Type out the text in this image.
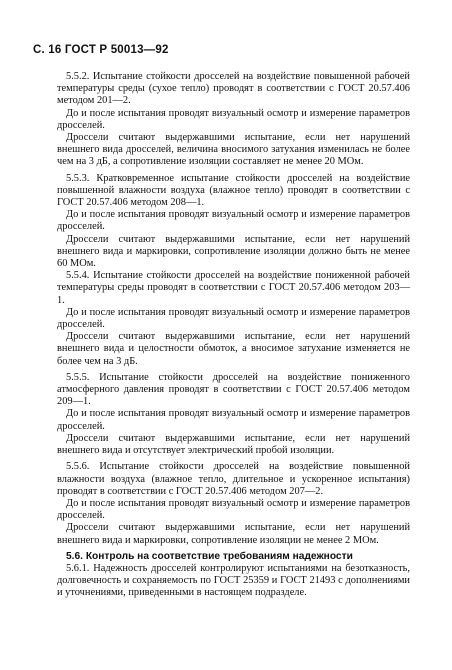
С. 16 ГОСТ Р 50013—92

5.5.2. Испытание стойкости дросселей на воздействие повышенной рабочей температуры среды (сухое тепло) проводят в соответствии с ГОСТ 20.57.406 методом 201—2.

До и после испытания проводят визуальный осмотр и измерение параметров дросселей.

Дроссели считают выдержавшими испытание, если нет нарушений внешнего вида дросселей, величина вносимого затухания изменилась не более чем на 3 дБ, а сопротивление изоляции составляет не менее 20 МОм.

5.5.3. Кратковременное испытание стойкости дросселей на воздействие повышенной влажности воздуха (влажное тепло) проводят в соответствии с ГОСТ 20.57.406 методом 208—1.

До и после испытания проводят визуальный осмотр и измерение параметров дросселей.

Дроссели считают выдержавшими испытание, если нет нарушений внешнего вида и маркировки, сопротивление изоляции должно быть не менее 60 МОм.

5.5.4. Испытание стойкости дросселей на воздействие пониженной рабочей температуры среды проводят в соответствии с ГОСТ 20.57.406 методом 203—1.

До и после испытания проводят визуальный осмотр и измерение параметров дросселей.

Дроссели считают выдержавшими испытание, если нет нарушений внешнего вида и целостности обмоток, а вносимое затухание изменяется не более чем на 3 дБ.

5.5.5. Испытание стойкости дросселей на воздействие пониженного атмосферного давления проводят в соответствии с ГОСТ 20.57.406 методом 209—1.

До и после испытания проводят визуальный осмотр и измерение параметров дросселей.

Дроссели считают выдержавшими испытание, если нет нарушений внешнего вида и отсутствует электрический пробой изоляции.

5.5.6. Испытание стойкости дросселей на воздействие повышенной влажности воздуха (влажное тепло, длительное и ускоренное испытания) проводят в соответствии с ГОСТ 20.57.406 методом 207—2.

До и после испытания проводят визуальный осмотр и измерение параметров дросселей.

Дроссели считают выдержавшими испытание, если нет нарушений внешнего вида и маркировки, сопротивление изоляции не менее 2 МОм.

5.6. Контроль на соответствие требованиям надежности

5.6.1. Надежность дросселей контролируют испытаниями на безотказность, долговечность и сохраняемость по ГОСТ 25359 и ГОСТ 21493 с дополнениями и уточнениями, приведенными в настоящем подразделе.
